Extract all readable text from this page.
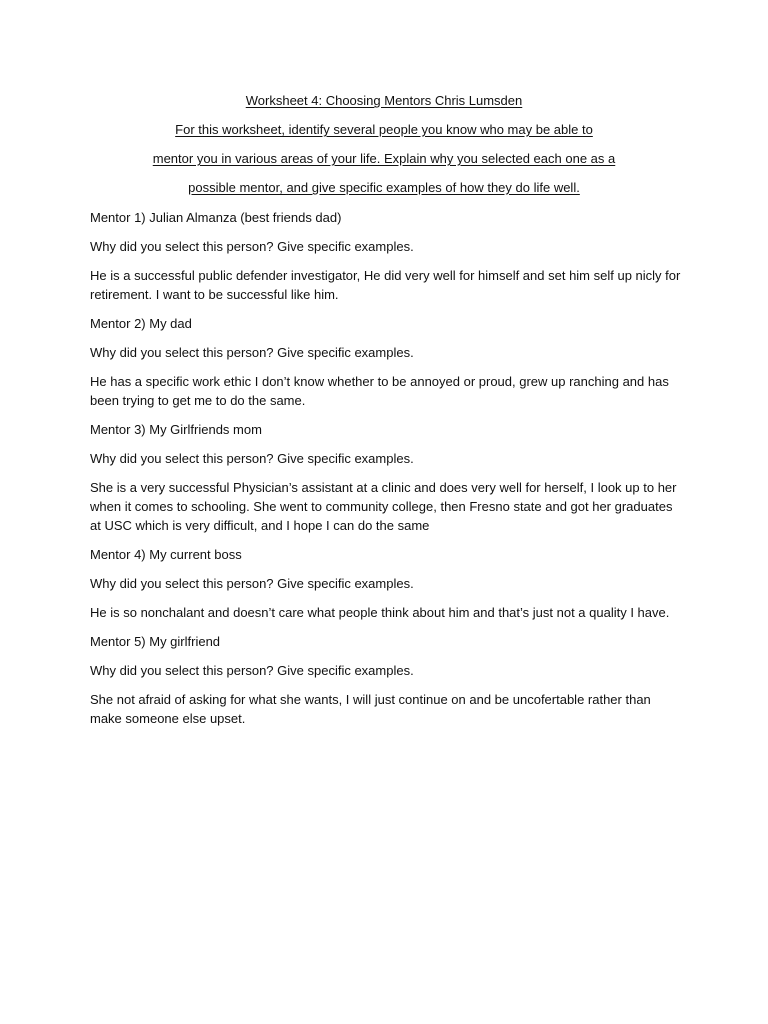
Worksheet 4: Choosing Mentors Chris Lumsden
For this worksheet, identify several people you know who may be able to
mentor you in various areas of your life. Explain why you selected each one as a
possible mentor, and give specific examples of how they do life well.

Mentor 1) Julian Almanza (best friends dad)

Why did you select this person? Give specific examples.

He is a successful public defender investigator, He did very well for himself and set him self up nicly for retirement. I want to be successful like him.

Mentor 2) My dad

Why did you select this person? Give specific examples.

He has a specific work ethic I don’t know whether to be annoyed or proud, grew up ranching and has been trying to get me to do the same.

Mentor 3) My Girlfriends mom

Why did you select this person? Give specific examples.

She is a very successful Physician’s assistant at a clinic and does very well for herself, I look up to her when it comes to schooling. She went to community college, then Fresno state and got her graduates at USC which is very difficult, and I hope I can do the same

Mentor 4) My current boss

Why did you select this person? Give specific examples.

He is so nonchalant and doesn’t care what people think about him and that’s just not a quality I have.

Mentor 5) My girlfriend

Why did you select this person? Give specific examples.

She not afraid of asking for what she wants, I will just continue on and be uncofertable rather than make someone else upset.
